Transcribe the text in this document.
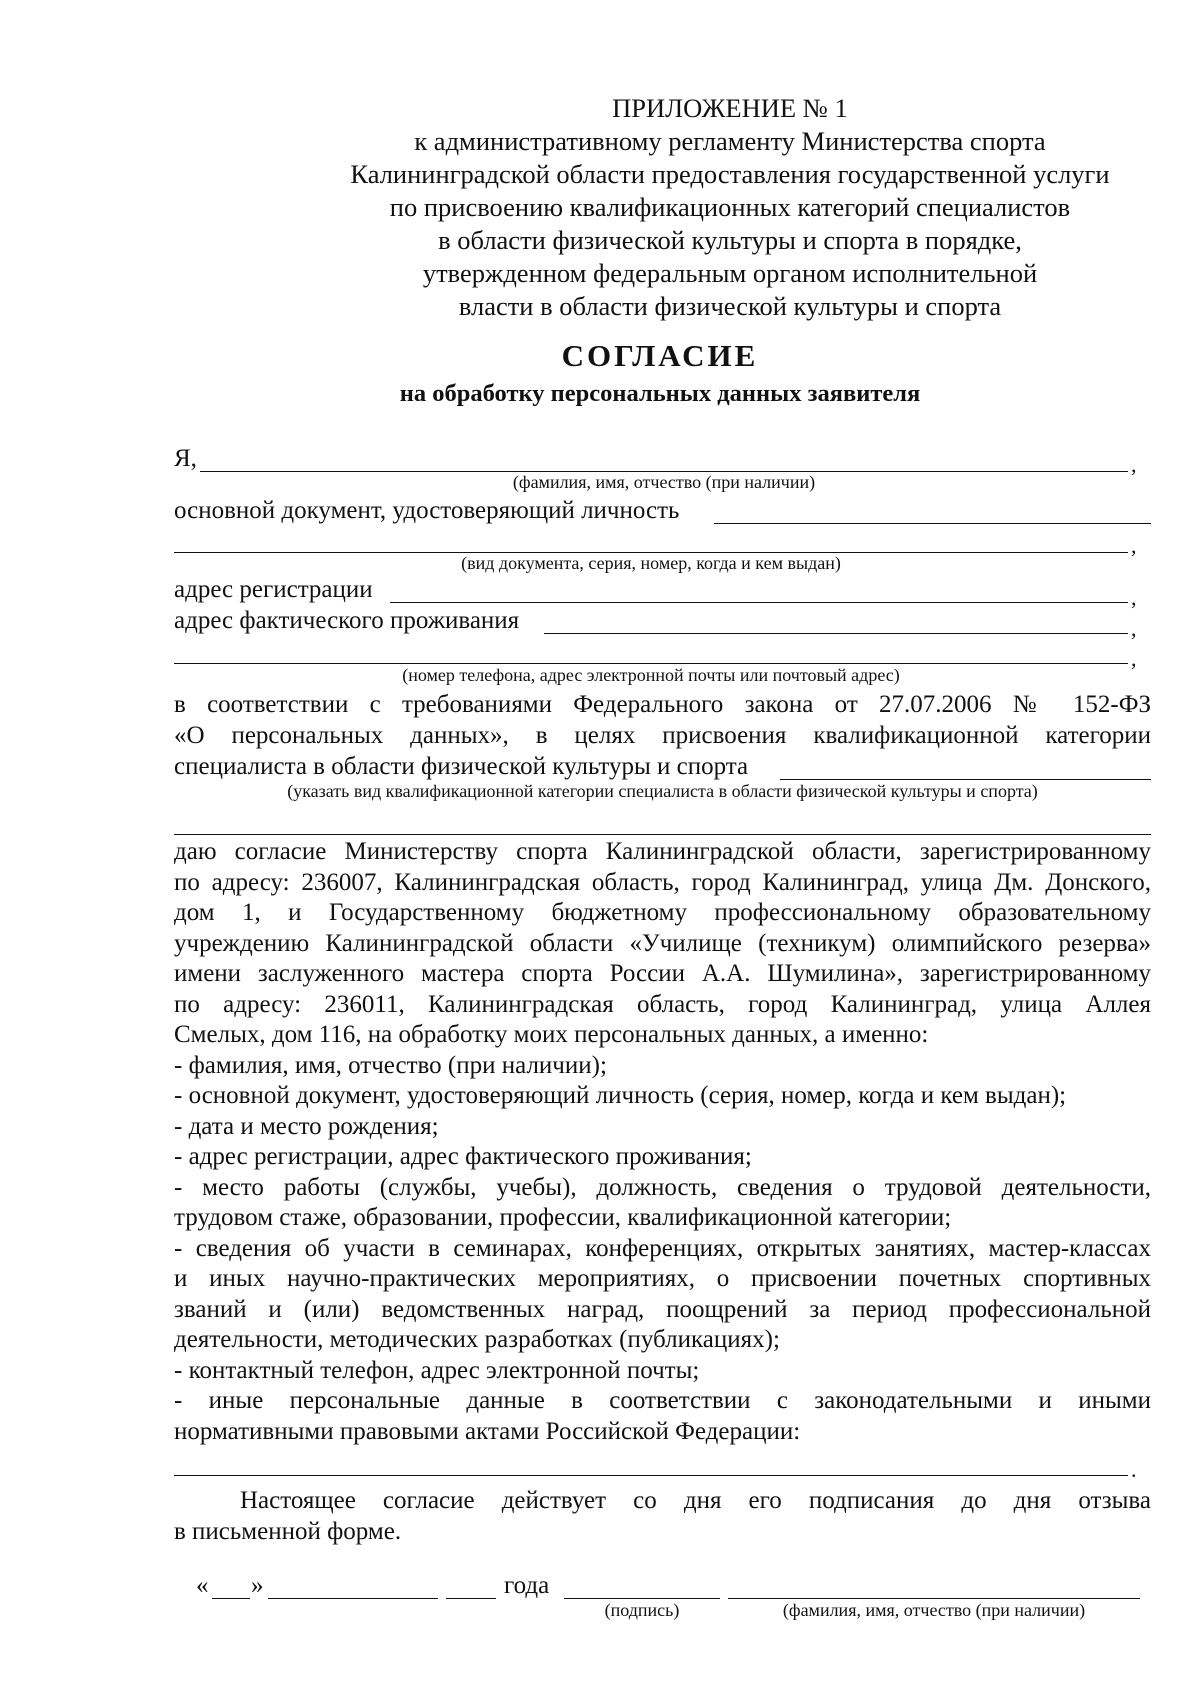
ПРИЛОЖЕНИЕ № 1
к административному регламенту Министерства спорта
Калининградской области предоставления государственной услуги
по присвоению квалификационных категорий специалистов
в области физической культуры и спорта в порядке,
утвержденном федеральным органом исполнительной
власти в области физической культуры и спорта
СОГЛАСИЕ
на обработку персональных данных заявителя
Я,	,
(фамилия, имя, отчество (при наличии)
основной документ, удостоверяющий личность
,
(вид документа, серия, номер, когда и кем выдан)
адрес регистрации	,
адрес фактического проживания	,
,
(номер телефона, адрес электронной почты или почтовый адрес)
в соответствии с требованиями Федерального закона от 27.07.2006 № 152-ФЗ
«О персональных данных», в целях присвоения квалификационной категории
специалиста в области физической культуры и спорта
(указать вид квалификационной категории специалиста в области физической культуры и спорта)
даю согласие Министерству спорта Калининградской области, зарегистрированному
по адресу: 236007, Калининградская область, город Калининград, улица Дм. Донского,
дом 1, и Государственному бюджетному профессиональному образовательному
учреждению Калининградской области «Училище (техникум) олимпийского резерва»
имени заслуженного мастера спорта России А.А. Шумилина», зарегистрированному
по адресу: 236011, Калининградская область, город Калининград, улица Аллея
Смелых, дом 116, на обработку моих персональных данных, а именно:
- фамилия, имя, отчество (при наличии);
- основной документ, удостоверяющий личность (серия, номер, когда и кем выдан);
- дата и место рождения;
- адрес регистрации, адрес фактического проживания;
- место работы (службы, учебы), должность, сведения о трудовой деятельности,
трудовом стаже, образовании, профессии, квалификационной категории;
- сведения об участи в семинарах, конференциях, открытых занятиях, мастер-классах
и иных научно-практических мероприятиях, о присвоении почетных спортивных
званий и (или) ведомственных наград, поощрений за период профессиональной
деятельности, методических разработках (публикациях);
- контактный телефон, адрес электронной почты;
- иные персональные данные в соответствии с законодательными и иными
нормативными правовыми актами Российской Федерации:
.
Настоящее согласие действует со дня его подписания до дня отзыва
в письменной форме.
« »	года
(подпись)	(фамилия, имя, отчество (при наличии)
